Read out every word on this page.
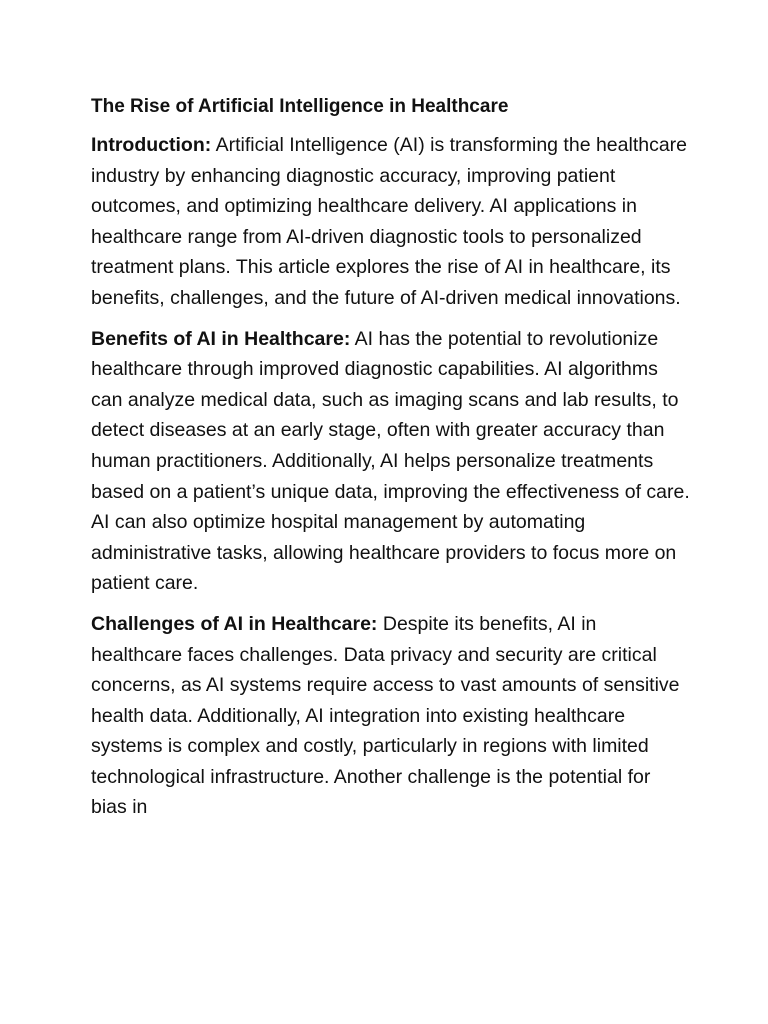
The Rise of Artificial Intelligence in Healthcare

Introduction: Artificial Intelligence (AI) is transforming the healthcare industry by enhancing diagnostic accuracy, improving patient outcomes, and optimizing healthcare delivery. AI applications in healthcare range from AI-driven diagnostic tools to personalized treatment plans. This article explores the rise of AI in healthcare, its benefits, challenges, and the future of AI-driven medical innovations.

Benefits of AI in Healthcare: AI has the potential to revolutionize healthcare through improved diagnostic capabilities. AI algorithms can analyze medical data, such as imaging scans and lab results, to detect diseases at an early stage, often with greater accuracy than human practitioners. Additionally, AI helps personalize treatments based on a patient’s unique data, improving the effectiveness of care. AI can also optimize hospital management by automating administrative tasks, allowing healthcare providers to focus more on patient care.

Challenges of AI in Healthcare: Despite its benefits, AI in healthcare faces challenges. Data privacy and security are critical concerns, as AI systems require access to vast amounts of sensitive health data. Additionally, AI integration into existing healthcare systems is complex and costly, particularly in regions with limited technological infrastructure. Another challenge is the potential for bias in
